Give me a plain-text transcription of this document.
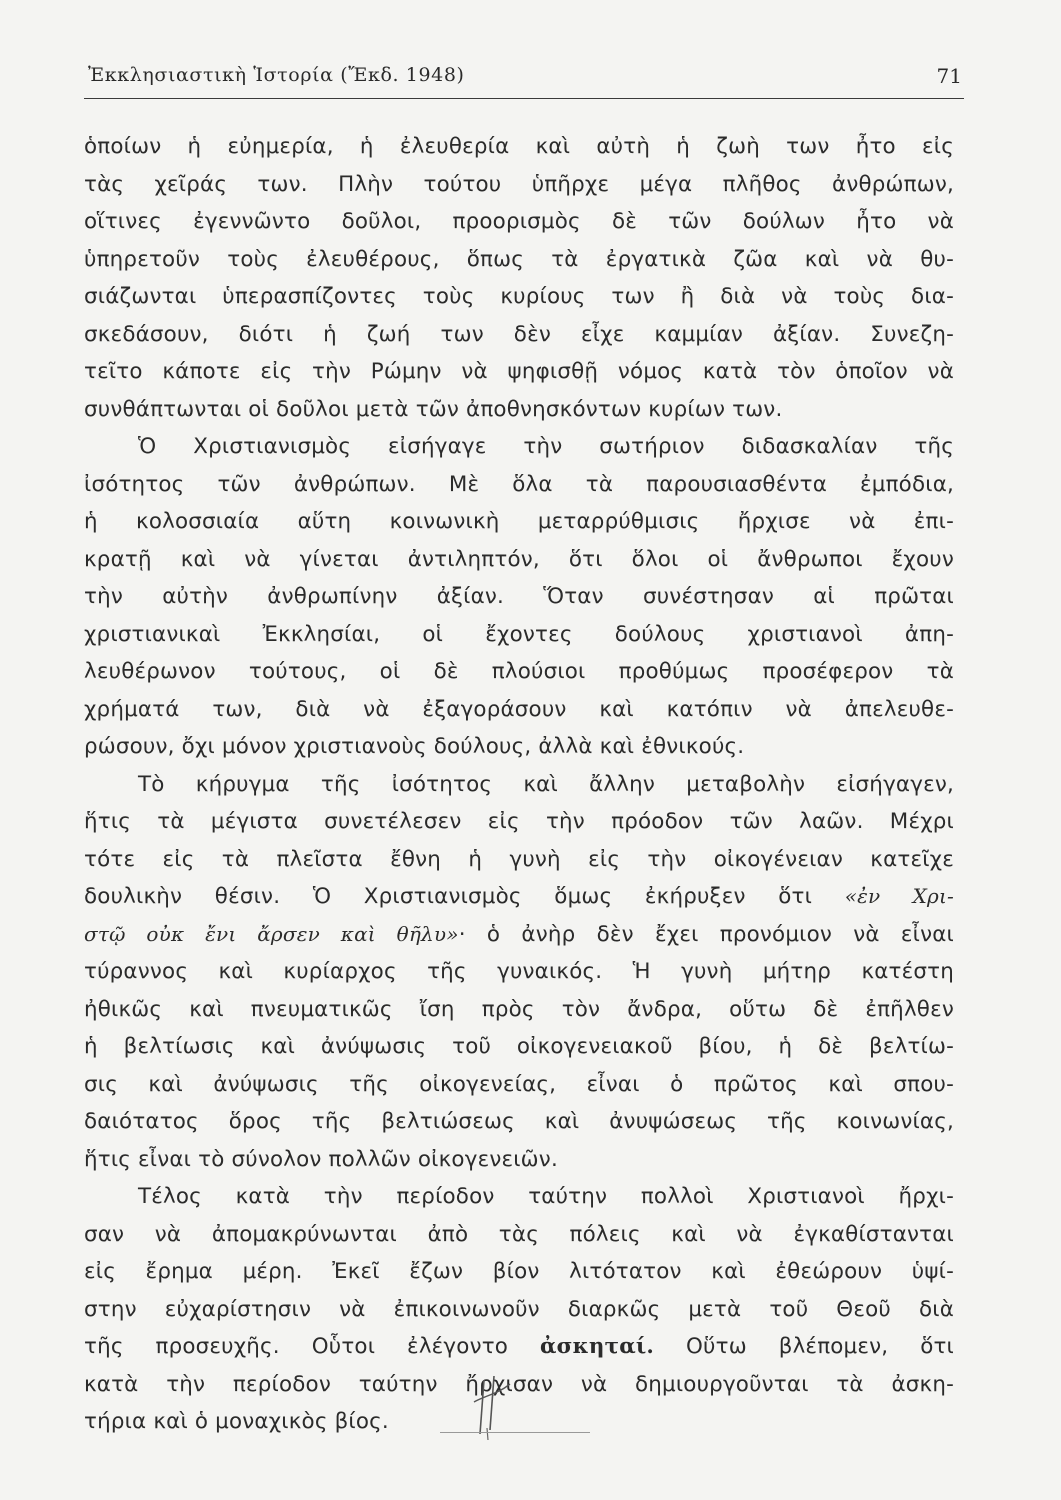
Ἐκκλησιαστικὴ Ἱστορία (Ἔκδ. 1948)	71
ὁποίων ἡ εὐημερία, ἡ ἐλευθερία καὶ αὐτὴ ἡ ζωὴ των ἦτο εἰς
τὰς χεῖράς των. Πλὴν τούτου ὑπῆρχε μέγα πλῆθος ἀνθρώπων,
οἵτινες ἐγεννῶντο δοῦλοι, προορισμὸς δὲ τῶν δούλων ἦτο νὰ
ὑπηρετοῦν τοὺς ἐλευθέρους, ὅπως τὰ ἐργατικὰ ζῶα καὶ νὰ θυ-
σιάζωνται ὑπερασπίζοντες τοὺς κυρίους των ἢ διὰ νὰ τοὺς δια-
σκεδάσουν, διότι ἡ ζωή των δὲν εἶχε καμμίαν ἀξίαν. Συνεζη-
τεῖτο κάποτε εἰς τὴν Ρώμην νὰ ψηφισθῇ νόμος κατὰ τὸν ὁποῖον νὰ
συνθάπτωνται οἱ δοῦλοι μετὰ τῶν ἀποθνησκόντων κυρίων των.
Ὁ Χριστιανισμὸς εἰσήγαγε τὴν σωτήριον διδασκαλίαν τῆς
ἰσότητος τῶν ἀνθρώπων. Μὲ ὅλα τὰ παρουσιασθέντα ἐμπόδια,
ἡ κολοσσιαία αὕτη κοινωνικὴ μεταρρύθμισις ἤρχισε νὰ ἐπι-
κρατῇ καὶ νὰ γίνεται ἀντιληπτόν, ὅτι ὅλοι οἱ ἄνθρωποι ἔχουν
τὴν αὐτὴν ἀνθρωπίνην ἀξίαν. Ὅταν συνέστησαν αἱ πρῶται
χριστιανικαὶ Ἐκκλησίαι, οἱ ἔχοντες δούλους χριστιανοὶ ἀπη-
λευθέρωνον τούτους, οἱ δὲ πλούσιοι προθύμως προσέφερον τὰ
χρήματά των, διὰ νὰ ἐξαγοράσουν καὶ κατόπιν νὰ ἀπελευθε-
ρώσουν, ὄχι μόνον χριστιανοὺς δούλους, ἀλλὰ καὶ ἐθνικούς.
Τὸ κήρυγμα τῆς ἰσότητος καὶ ἄλλην μεταβολὴν εἰσήγαγεν,
ἥτις τὰ μέγιστα συνετέλεσεν εἰς τὴν πρόοδον τῶν λαῶν. Μέχρι
τότε εἰς τὰ πλεῖστα ἔθνη ἡ γυνὴ εἰς τὴν οἰκογένειαν κατεῖχε
δουλικὴν θέσιν. Ὁ Χριστιανισμὸς ὅμως ἐκήρυξεν ὅτι «ἐν Χρι-
στῷ οὐκ ἔνι ἄρσεν καὶ θῆλυ»· ὁ ἀνὴρ δὲν ἔχει προνόμιον νὰ εἶναι
τύραννος καὶ κυρίαρχος τῆς γυναικός. Ἡ γυνὴ μήτηρ κατέστη
ἠθικῶς καὶ πνευματικῶς ἴση πρὸς τὸν ἄνδρα, οὕτω δὲ ἐπῆλθεν
ἡ βελτίωσις καὶ ἀνύψωσις τοῦ οἰκογενειακοῦ βίου, ἡ δὲ βελτίω-
σις καὶ ἀνύψωσις τῆς οἰκογενείας, εἶναι ὁ πρῶτος καὶ σπου-
δαιότατος ὅρος τῆς βελτιώσεως καὶ ἀνυψώσεως τῆς κοινωνίας,
ἥτις εἶναι τὸ σύνολον πολλῶν οἰκογενειῶν.
Τέλος κατὰ τὴν περίοδον ταύτην πολλοὶ Χριστιανοὶ ἤρχι-
σαν νὰ ἀπομακρύνωνται ἀπὸ τὰς πόλεις καὶ νὰ ἐγκαθίστανται
εἰς ἔρημα μέρη. Ἐκεῖ ἔζων βίον λιτότατον καὶ ἐθεώρουν ὑψί-
στην εὐχαρίστησιν νὰ ἐπικοινωνοῦν διαρκῶς μετὰ τοῦ Θεοῦ διὰ
τῆς προσευχῆς. Οὗτοι ἐλέγοντο ἀσκηταί. Οὕτω βλέπομεν, ὅτι
κατὰ τὴν περίοδον ταύτην ἤρχισαν νὰ δημιουργοῦνται τὰ ἀσκη-
τήρια καὶ ὁ μοναχικὸς βίος.
